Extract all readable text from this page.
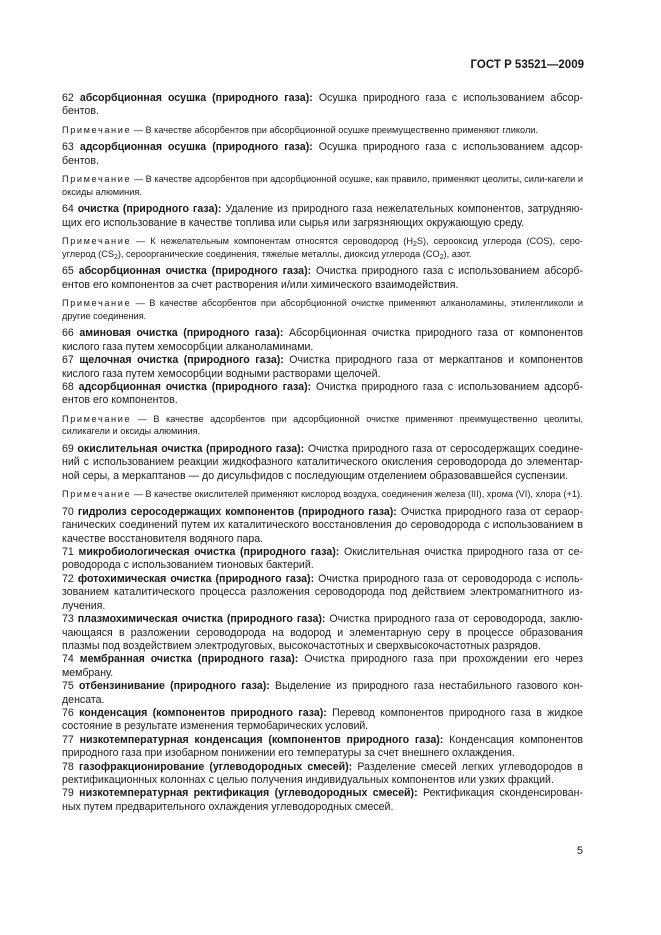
ГОСТ Р 53521—2009

62 абсорбционная осушка (природного газа): Осушка природного газа с использованием абсор-бентов.

Примечание — В качестве абсорбентов при абсорбционной осушке преимущественно применяют гликоли.

63 адсорбционная осушка (природного газа): Осушка природного газа с использованием адсор-бентов.

Примечание — В качестве адсорбентов при адсорбционной осушке, как правило, применяют цеолиты, сили-кагели и оксиды алюминия.

64 очистка (природного газа): Удаление из природного газа нежелательных компонентов, затрудняю-щих его использование в качестве топлива или сырья или загрязняющих окружающую среду.

Примечание — К нежелательным компонентам относятся сероводород $(H_2S)$, серооксид углерода (COS), серо-углерод $(CS_2)$, сероорганические соединения, тяжелые металлы, диоксид углерода $(CO_2)$, азот.

65 абсорбционная очистка (природного газа): Очистка природного газа с использованием абсорб-ентов его компонентов за счет растворения и/или химического взаимодействия.

Примечание — В качестве абсорбентов при абсорбционной очистке применяют алканоламины, этиленгликоли и другие соединения.

66 аминовая очистка (природного газа): Абсорбционная очистка природного газа от компонентов кислого газа путем хемосорбции алканоламинами.

67 щелочная очистка (природного газа): Очистка природного газа от меркаптанов и компонентов кислого газа путем хемосорбции водными растворами щелочей.

68 адсорбционная очистка (природного газа): Очистка природного газа с использованием адсорб-ентов его компонентов.

Примечание — В качестве адсорбентов при адсорбционной очистке применяют преимущественно цеолиты, силикагели и оксиды алюминия.

69 окислительная очистка (природного газа): Очистка природного газа от серосодержащих соедине-ний с использованием реакции жидкофазного каталитического окисления сероводорода до элементар-ной серы, а меркаптанов — до дисульфидов с последующим отделением образовавшейся суспензии.

Примечание — В качестве окислителей применяют кислород воздуха, соединения железа (III), хрома (VI), хлора (+1).

70 гидролиз серосодержащих компонентов (природного газа): Очистка природного газа от сераор-ганических соединений путем их каталитического восстановления до сероводорода с использованием в качестве восстановителя водяного пара.

71 микробиологическая очистка (природного газа): Окислительная очистка природного газа от се-роводорода с использованием тионовых бактерий.

72 фотохимическая очистка (природного газа): Очистка природного газа от сероводорода с исполь-зованием каталитического процесса разложения сероводорода под действием электромагнитного из-лучения.

73 плазмохимическая очистка (природного газа): Очистка природного газа от сероводорода, заклю-чающаяся в разложении сероводорода на водород и элементарную серу в процессе образования плазмы под воздействием электродуговых, высокочастотных и сверхвысокочастотных разрядов.

74 мембранная очистка (природного газа): Очистка природного газа при прохождении его через мембрану.

75 отбензинивание (природного газа): Выделение из природного газа нестабильного газового кон-денсата.

76 конденсация (компонентов природного газа): Перевод компонентов природного газа в жидкое состояние в результате изменения термобарических условий.

77 низкотемпературная конденсация (компонентов природного газа): Конденсация компонентов природного газа при изобарном понижении его температуры за счет внешнего охлаждения.

78 газофракционирование (углеводородных смесей): Разделение смесей легких углеводородов в ректификационных колоннах с целью получения индивидуальных компонентов или узких фракций.

79 низкотемпературная ректификация (углеводородных смесей): Ректификация сконденсирован-ных путем предварительного охлаждения углеводородных смесей.

5
